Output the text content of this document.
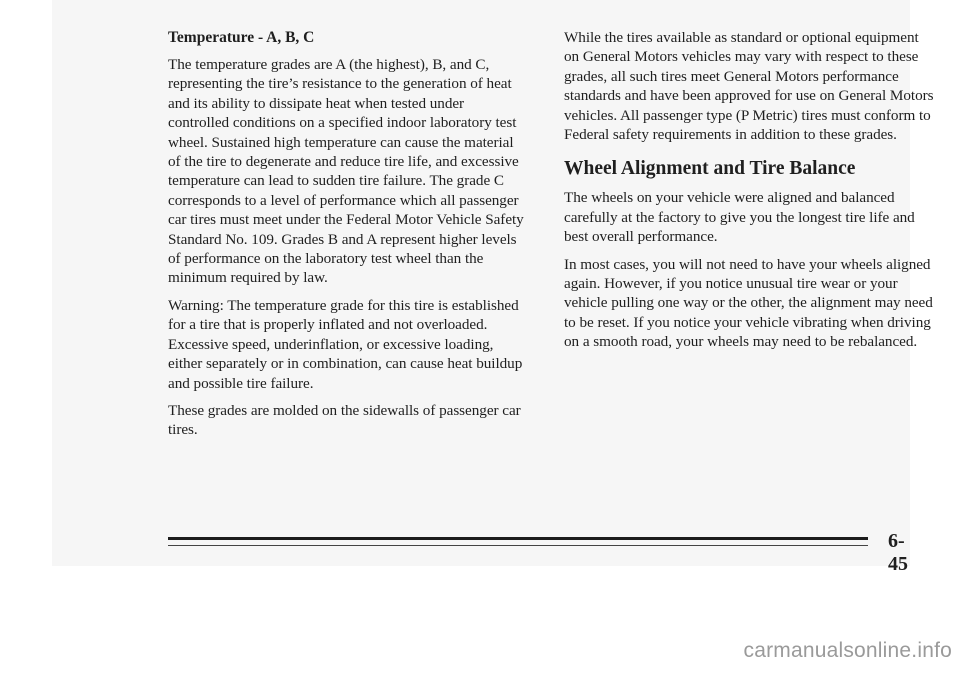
Temperature - A, B, C

The temperature grades are A (the highest), B, and C, representing the tire’s resistance to the generation of heat and its ability to dissipate heat when tested under controlled conditions on a specified indoor laboratory test wheel. Sustained high temperature can cause the material of the tire to degenerate and reduce tire life, and excessive temperature can lead to sudden tire failure. The grade C corresponds to a level of performance which all passenger car tires must meet under the Federal Motor Vehicle Safety Standard No. 109. Grades B and A represent higher levels of performance on the laboratory test wheel than the minimum required by law.

Warning: The temperature grade for this tire is established for a tire that is properly inflated and not overloaded. Excessive speed, underinflation, or excessive loading, either separately or in combination, can cause heat buildup and possible tire failure.

These grades are molded on the sidewalls of passenger car tires.

While the tires available as standard or optional equipment on General Motors vehicles may vary with respect to these grades, all such tires meet General Motors performance standards and have been approved for use on General Motors vehicles. All passenger type (P Metric) tires must conform to Federal safety requirements in addition to these grades.

Wheel Alignment and Tire Balance

The wheels on your vehicle were aligned and balanced carefully at the factory to give you the longest tire life and best overall performance.

In most cases, you will not need to have your wheels aligned again. However, if you notice unusual tire wear or your vehicle pulling one way or the other, the alignment may need to be reset. If you notice your vehicle vibrating when driving on a smooth road, your wheels may need to be rebalanced.

6-45
carmanualsonline.info
